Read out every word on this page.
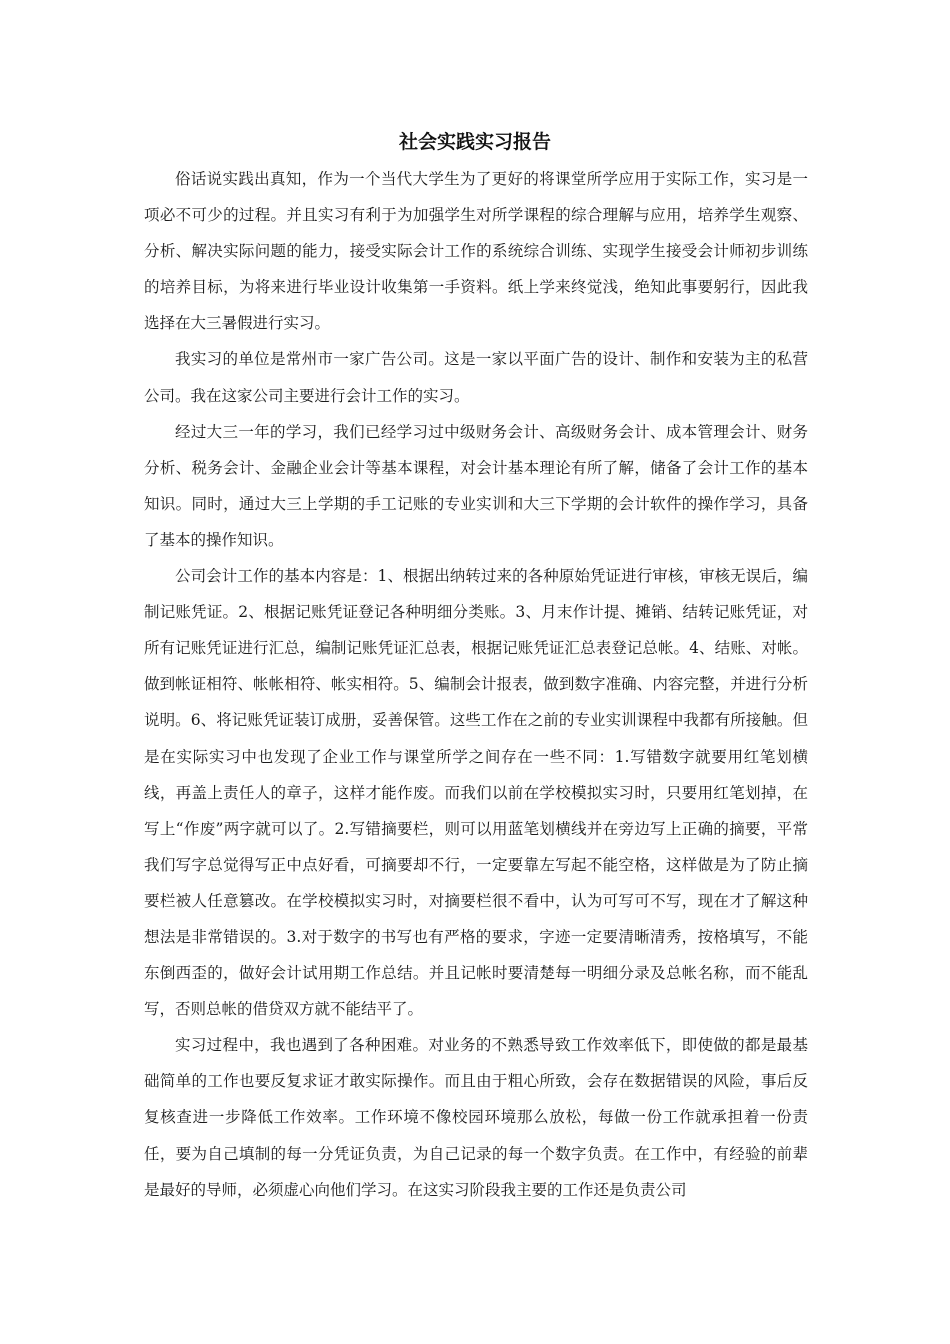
社会实践实习报告

俗话说实践出真知，作为一个当代大学生为了更好的将课堂所学应用于实际工作，实习是一项必不可少的过程。并且实习有利于为加强学生对所学课程的综合理解与应用，培养学生观察、分析、解决实际问题的能力，接受实际会计工作的系统综合训练、实现学生接受会计师初步训练的培养目标，为将来进行毕业设计收集第一手资料。纸上学来终觉浅，绝知此事要躬行，因此我选择在大三暑假进行实习。

我实习的单位是常州市一家广告公司。这是一家以平面广告的设计、制作和安装为主的私营公司。我在这家公司主要进行会计工作的实习。

经过大三一年的学习，我们已经学习过中级财务会计、高级财务会计、成本管理会计、财务分析、税务会计、金融企业会计等基本课程，对会计基本理论有所了解，储备了会计工作的基本知识。同时，通过大三上学期的手工记账的专业实训和大三下学期的会计软件的操作学习，具备了基本的操作知识。

公司会计工作的基本内容是：1、根据出纳转过来的各种原始凭证进行审核，审核无误后，编制记账凭证。2、根据记账凭证登记各种明细分类账。3、月末作计提、摊销、结转记账凭证，对所有记账凭证进行汇总，编制记账凭证汇总表，根据记账凭证汇总表登记总帐。4、结账、对帐。做到帐证相符、帐帐相符、帐实相符。5、编制会计报表，做到数字准确、内容完整，并进行分析说明。6、将记账凭证装订成册，妥善保管。这些工作在之前的专业实训课程中我都有所接触。但是在实际实习中也发现了企业工作与课堂所学之间存在一些不同：1.写错数字就要用红笔划横线，再盖上责任人的章子，这样才能作废。而我们以前在学校模拟实习时，只要用红笔划掉，在写上“作废”两字就可以了。2.写错摘要栏，则可以用蓝笔划横线并在旁边写上正确的摘要，平常我们写字总觉得写正中点好看，可摘要却不行，一定要靠左写起不能空格，这样做是为了防止摘要栏被人任意篡改。在学校模拟实习时，对摘要栏很不看中，认为可写可不写，现在才了解这种想法是非常错误的。3.对于数字的书写也有严格的要求，字迹一定要清晰清秀，按格填写，不能东倒西歪的，做好会计试用期工作总结。并且记帐时要清楚每一明细分录及总帐名称，而不能乱写，否则总帐的借贷双方就不能结平了。

实习过程中，我也遇到了各种困难。对业务的不熟悉导致工作效率低下，即使做的都是最基础简单的工作也要反复求证才敢实际操作。而且由于粗心所致，会存在数据错误的风险，事后反复核查进一步降低工作效率。工作环境不像校园环境那么放松，每做一份工作就承担着一份责任，要为自己填制的每一分凭证负责，为自己记录的每一个数字负责。在工作中，有经验的前辈是最好的导师，必须虚心向他们学习。在这实习阶段我主要的工作还是负责公司
